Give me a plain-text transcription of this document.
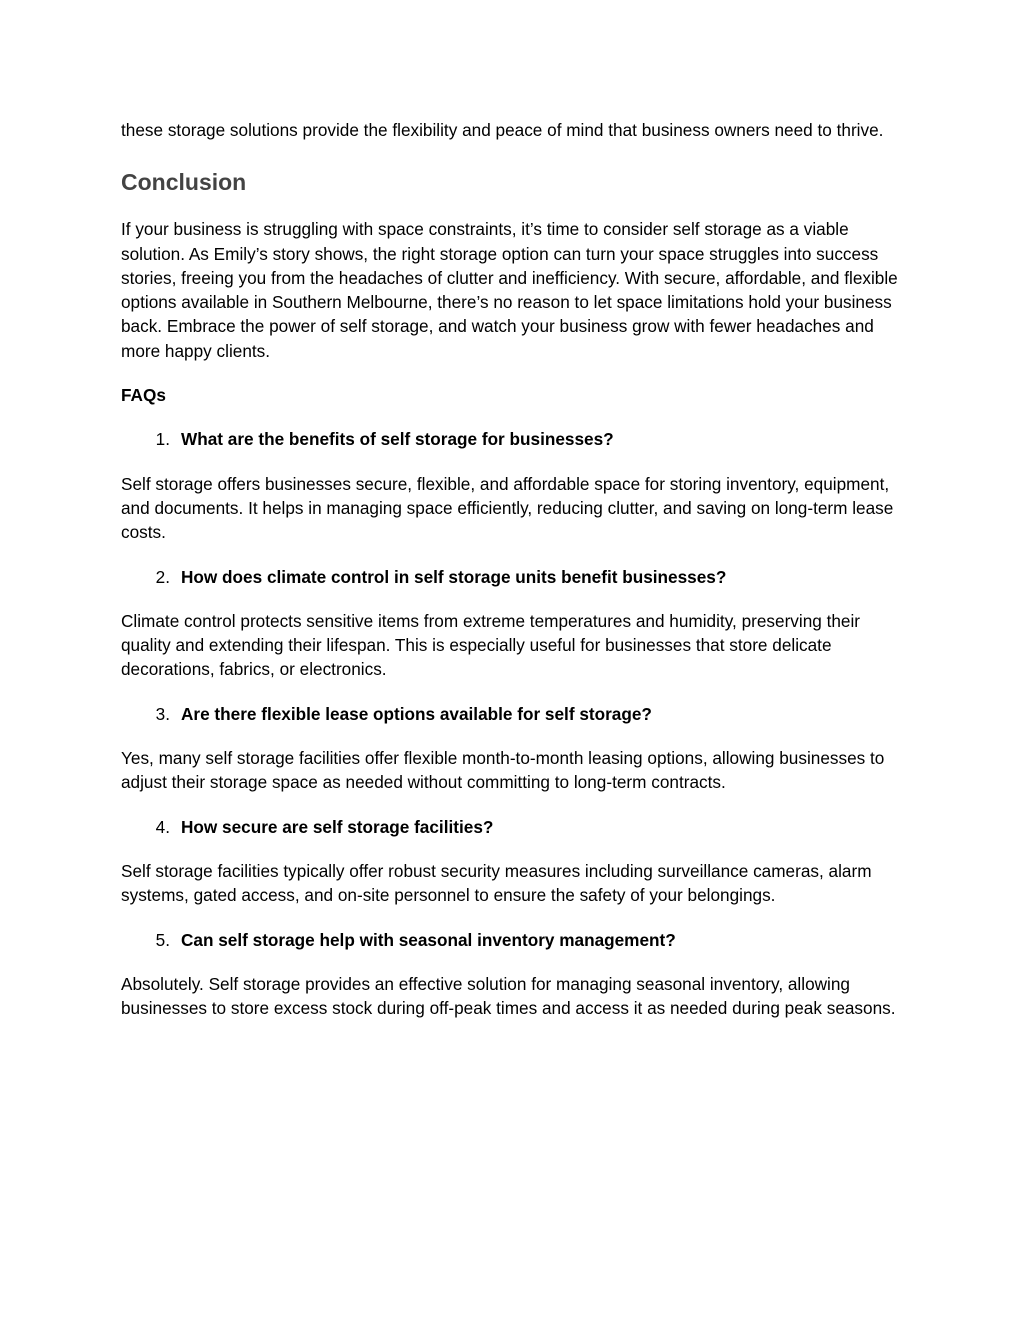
these storage solutions provide the flexibility and peace of mind that business owners need to thrive.

Conclusion

If your business is struggling with space constraints, it’s time to consider self storage as a viable solution. As Emily’s story shows, the right storage option can turn your space struggles into success stories, freeing you from the headaches of clutter and inefficiency. With secure, affordable, and flexible options available in Southern Melbourne, there’s no reason to let space limitations hold your business back. Embrace the power of self storage, and watch your business grow with fewer headaches and more happy clients.

FAQs

1. What are the benefits of self storage for businesses?

Self storage offers businesses secure, flexible, and affordable space for storing inventory, equipment, and documents. It helps in managing space efficiently, reducing clutter, and saving on long-term lease costs.

2. How does climate control in self storage units benefit businesses?

Climate control protects sensitive items from extreme temperatures and humidity, preserving their quality and extending their lifespan. This is especially useful for businesses that store delicate decorations, fabrics, or electronics.

3. Are there flexible lease options available for self storage?

Yes, many self storage facilities offer flexible month-to-month leasing options, allowing businesses to adjust their storage space as needed without committing to long-term contracts.

4. How secure are self storage facilities?

Self storage facilities typically offer robust security measures including surveillance cameras, alarm systems, gated access, and on-site personnel to ensure the safety of your belongings.

5. Can self storage help with seasonal inventory management?

Absolutely. Self storage provides an effective solution for managing seasonal inventory, allowing businesses to store excess stock during off-peak times and access it as needed during peak seasons.
